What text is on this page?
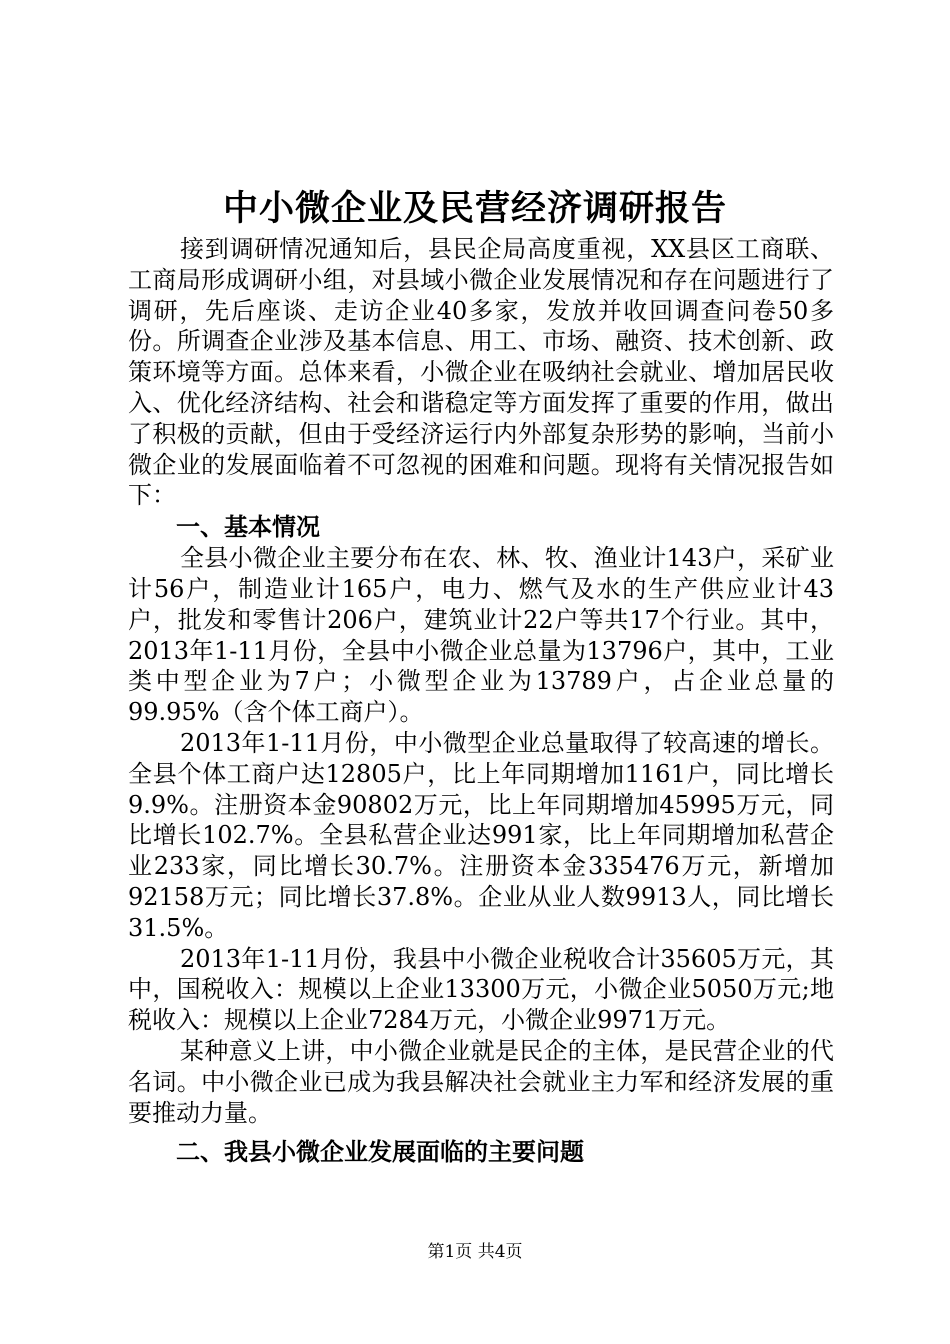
中小微企业及民营经济调研报告

接到调研情况通知后，县民企局高度重视，XX县区工商联、工商局形成调研小组，对县域小微企业发展情况和存在问题进行了调研，先后座谈、走访企业40多家，发放并收回调查问卷50多份。所调查企业涉及基本信息、用工、市场、融资、技术创新、政策环境等方面。总体来看，小微企业在吸纳社会就业、增加居民收入、优化经济结构、社会和谐稳定等方面发挥了重要的作用，做出了积极的贡献，但由于受经济运行内外部复杂形势的影响，当前小微企业的发展面临着不可忽视的困难和问题。现将有关情况报告如下：

一、基本情况

全县小微企业主要分布在农、林、牧、渔业计143户，采矿业计56户，制造业计165户，电力、燃气及水的生产供应业计43户，批发和零售计206户，建筑业计22户等共17个行业。其中，2013年1-11月份，全县中小微企业总量为13796户，其中，工业类中型企业为7户；小微型企业为13789户，占企业总量的99.95%（含个体工商户）。

2013年1-11月份，中小微型企业总量取得了较高速的增长。全县个体工商户达12805户，比上年同期增加1161户，同比增长9.9%。注册资本金90802万元，比上年同期增加45995万元，同比增长102.7%。全县私营企业达991家，比上年同期增加私营企业233家，同比增长30.7%。注册资本金335476万元，新增加92158万元；同比增长37.8%。企业从业人数9913人，同比增长31.5%。

2013年1-11月份，我县中小微企业税收合计35605万元，其中，国税收入：规模以上企业13300万元，小微企业5050万元;地税收入：规模以上企业7284万元，小微企业9971万元。

某种意义上讲，中小微企业就是民企的主体，是民营企业的代名词。中小微企业已成为我县解决社会就业主力军和经济发展的重要推动力量。

二、我县小微企业发展面临的主要问题
第1页 共4页
